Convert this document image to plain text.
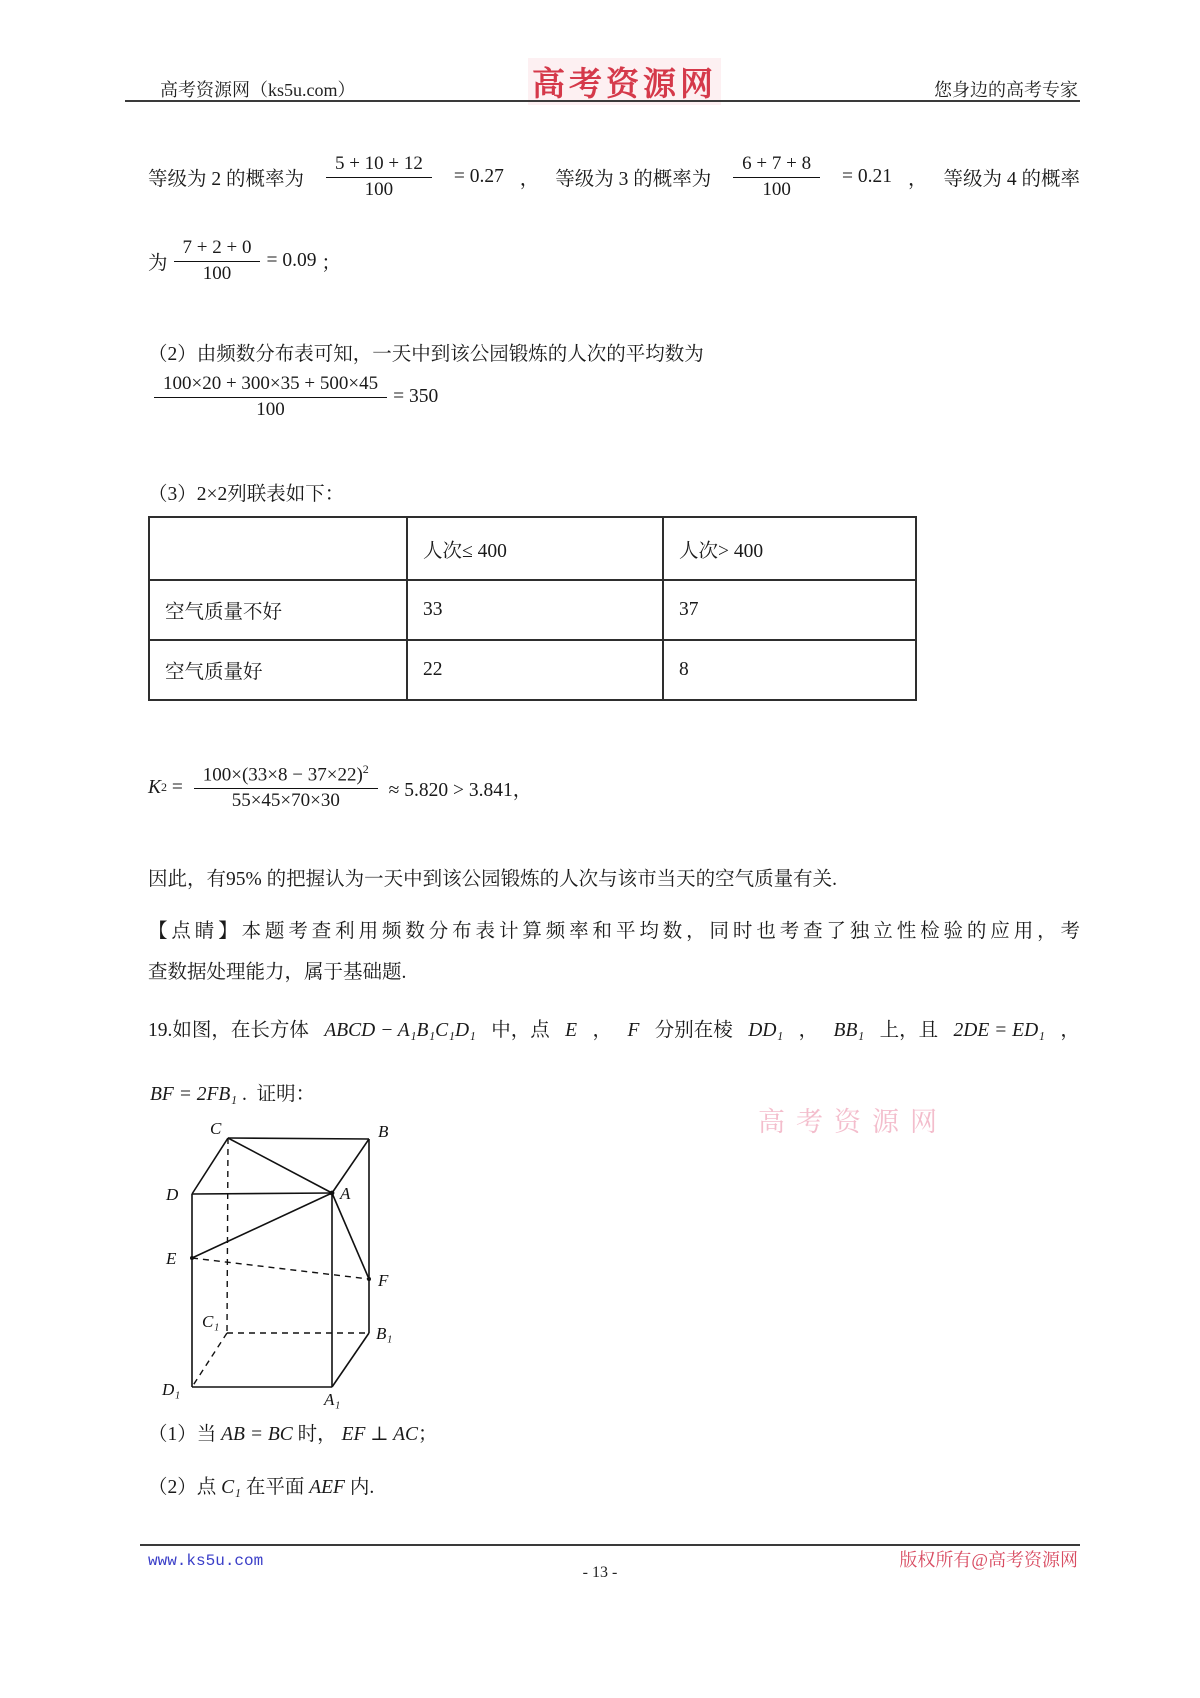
高考资源网（ks5u.com）	高考资源网	您身边的高考专家
等级为 2 的概率为 $\frac{5 + 10 + 12}{100} = 0.27$ ， 等级为 3 的概率为 $\frac{6 + 7 + 8}{100} = 0.21$ ， 等级为 4 的概率
为 $\frac{7 + 2 + 0}{100} = 0.09$ ；
（2）由频数分布表可知，一天中到该公园锻炼的人次的平均数为
$\frac{100\times 20 + 300\times 35 + 500\times 45}{100} = 350$
（3）2×2列联表如下：
	人次≤ 400	人次> 400
空气质量不好	33	37
空气质量好	22	8
K $2 = \frac{100\times(33\times 8 - 37\times 22)^2}{55\times 45\times 70\times 30} \approx 5.820 > 3.841$，
因此，有95% 的把握认为一天中到该公园锻炼的人次与该市当天的空气质量有关.
【点睛】本题考查利用频数分布表计算频率和平均数，同时也考查了独立性检验的应用，考
查数据处理能力，属于基础题.
19.如图，在长方体 ABCD − A₁B₁C₁D₁ 中，点 E ， F 分别在棱 DD₁ ， BB₁ 上，且 2DE = ED₁ ，
BF = 2FB₁ .  证明：
高考资源网
C	B
D	A
E
F
C₁
B₁
D₁
A₁
（1）当 AB = BC 时， EF ⊥ AC ；
（2）点 C₁ 在平面 AEF 内.
www.ks5u.com
- 13 -
版权所有@高考资源网
